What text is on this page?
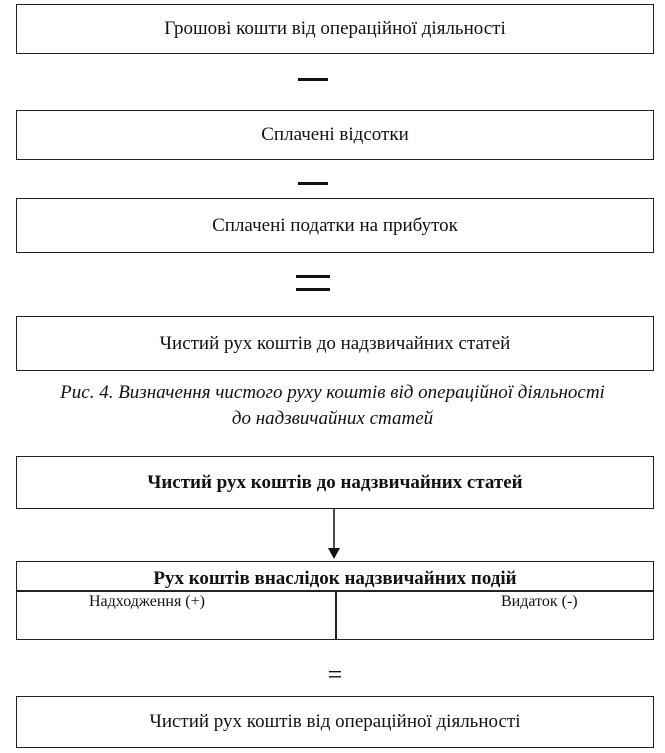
Грошові кошти від операційної діяльності
Сплачені відсотки
Сплачені податки на прибуток
Чистий рух коштів до надзвичайних статей
Рис. 4. Визначення чистого руху коштів від операційної діяльності
до надзвичайних статей
Чистий рух коштів до надзвичайних статей
Рух коштів внаслідок надзвичайних подій
Надходження (+)	Видаток (-)
=
Чистий рух коштів від операційної діяльності
